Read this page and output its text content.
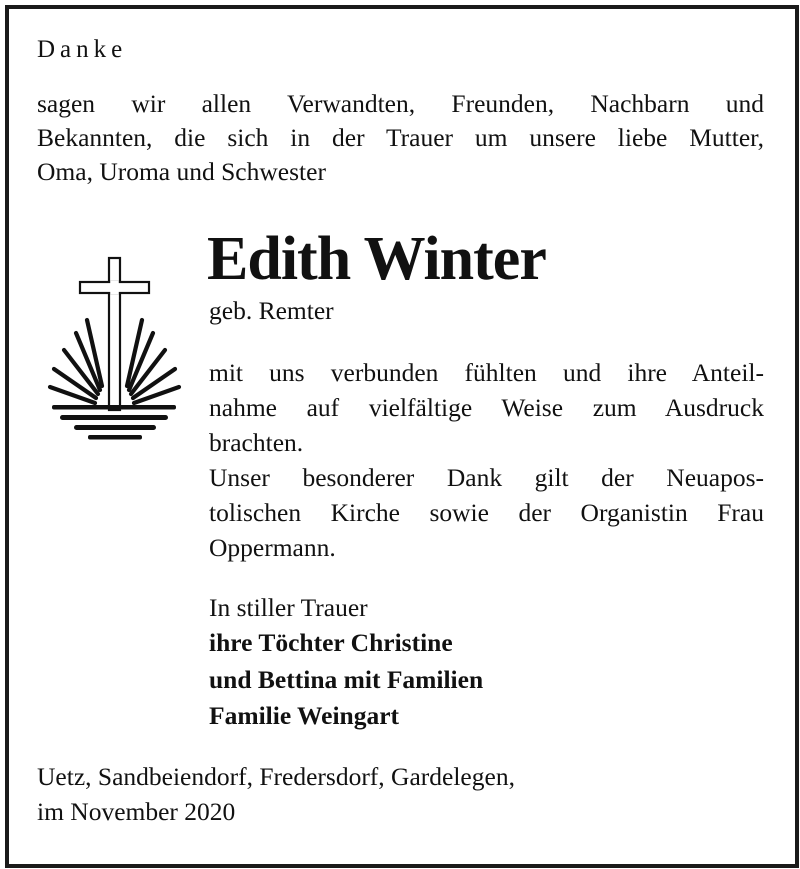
Danke

sagen wir allen Verwandten, Freunden, Nachbarn und

Bekannten, die sich in der Trauer um unsere liebe Mutter,

Oma, Uroma und Schwester

Edith Winter

geb. Remter

mit uns verbunden fühlten und ihre Anteil-

nahme auf vielfältige Weise zum Ausdruck

brachten.

Unser besonderer Dank gilt der Neuapos-

tolischen Kirche sowie der Organistin Frau

Oppermann.

In stiller Trauer

ihre Töchter Christine

und Bettina mit Familien

Familie Weingart

Uetz, Sandbeiendorf, Fredersdorf, Gardelegen,

im November 2020
